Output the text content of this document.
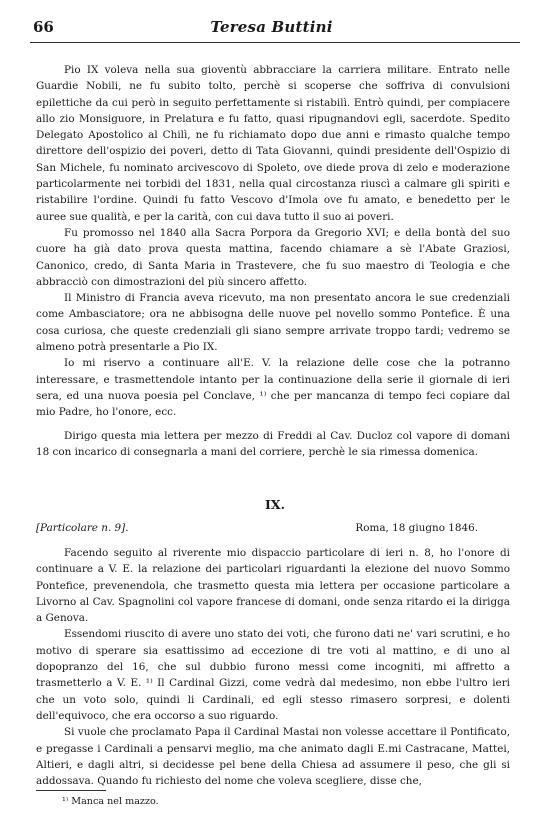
66	Teresa Buttini

Pio IX voleva nella sua gioventù abbracciare la carriera militare. Entrato nelle Guardie Nobili, ne fu subito tolto, perchè si scoperse che soffriva di convulsioni epilettiche da cui però in seguito perfettamente si ristabilì. Entrò quindi, per compiacere allo zio Monsiguore, in Prelatura e fu fatto, quasi ripugnandovi egli, sacerdote. Spedito Delegato Apostolico al Chilì, ne fu richiamato dopo due anni e rimasto qualche tempo direttore dell'ospizio dei poveri, detto di Tata Giovanni, quindi presidente dell'Ospizio di San Michele, fu nominato arcivescovo di Spoleto, ove diede prova di zelo e moderazione particolarmente nei torbidi del 1831, nella qual circostanza riuscì a calmare gli spiriti e ristabilire l'ordine. Quindi fu fatto Vescovo d'Imola ove fu amato, e benedetto per le auree sue qualità, e per la carità, con cui dava tutto il suo ai poveri.

Fu promosso nel 1840 alla Sacra Porpora da Gregorio XVI; e della bontà del suo cuore ha già dato prova questa mattina, facendo chiamare a sè l'Abate Graziosi, Canonico, credo, di Santa Maria in Trastevere, che fu suo maestro di Teologia e che abbracciò con dimostrazioni del più sincero affetto.

Il Ministro di Francia aveva ricevuto, ma non presentato ancora le sue credenziali come Ambasciatore; ora ne abbisogna delle nuove pel novello sommo Pontefice. È una cosa curiosa, che queste credenziali gli siano sempre arrivate troppo tardi; vedremo se almeno potrà presentarle a Pio IX.

Io mi riservo a continuare all'E. V. la relazione delle cose che la potranno interessare, e trasmettendole intanto per la continuazione della serie il giornale di ieri sera, ed una nuova poesia pel Conclave, ¹⁾ che per mancanza di tempo feci copiare dal mio Padre, ho l'onore, ecc.

Dirigo questa mia lettera per mezzo di Freddi al Cav. Ducloz col vapore di domani 18 con incarico di consegnarla a mani del corriere, perchè le sia rimessa domenica.

IX.
[Particolare n. 9].	Roma, 18 giugno 1846.

Facendo seguito al riverente mio dispaccio particolare di ieri n. 8, ho l'onore di continuare a V. E. la relazione dei particolari riguardanti la elezione del nuovo Sommo Pontefice, prevenendola, che trasmetto questa mia lettera per occasione particolare a Livorno al Cav. Spagnolini col vapore francese di domani, onde senza ritardo ei la dirigga a Genova.

Essendomi riuscito di avere uno stato dei voti, che furono dati ne' vari scrutini, e ho motivo di sperare sia esattissimo ad eccezione di tre voti al mattino, e di uno al dopopranzo del 16, che sul dubbio furono messi come incogniti, mi affretto a trasmetterlo a V. E. ¹⁾ Il Cardinal Gizzi, come vedrà dal medesimo, non ebbe l'ultro ieri che un voto solo, quindi li Cardinali, ed egli stesso rimasero sorpresi, e dolenti dell'equivoco, che era occorso a suo riguardo.

Si vuole che proclamato Papa il Cardinal Mastai non volesse accettare il Pontificato, e pregasse i Cardinali a pensarvi meglio, ma che animato dagli E.mi Castracane, Mattei, Altieri, e dagli altri, si decidesse pel bene della Chiesa ad assumere il peso, che gli si addossava. Quando fu richiesto del nome che voleva scegliere, disse che,

¹⁾ Manca nel mazzo.
